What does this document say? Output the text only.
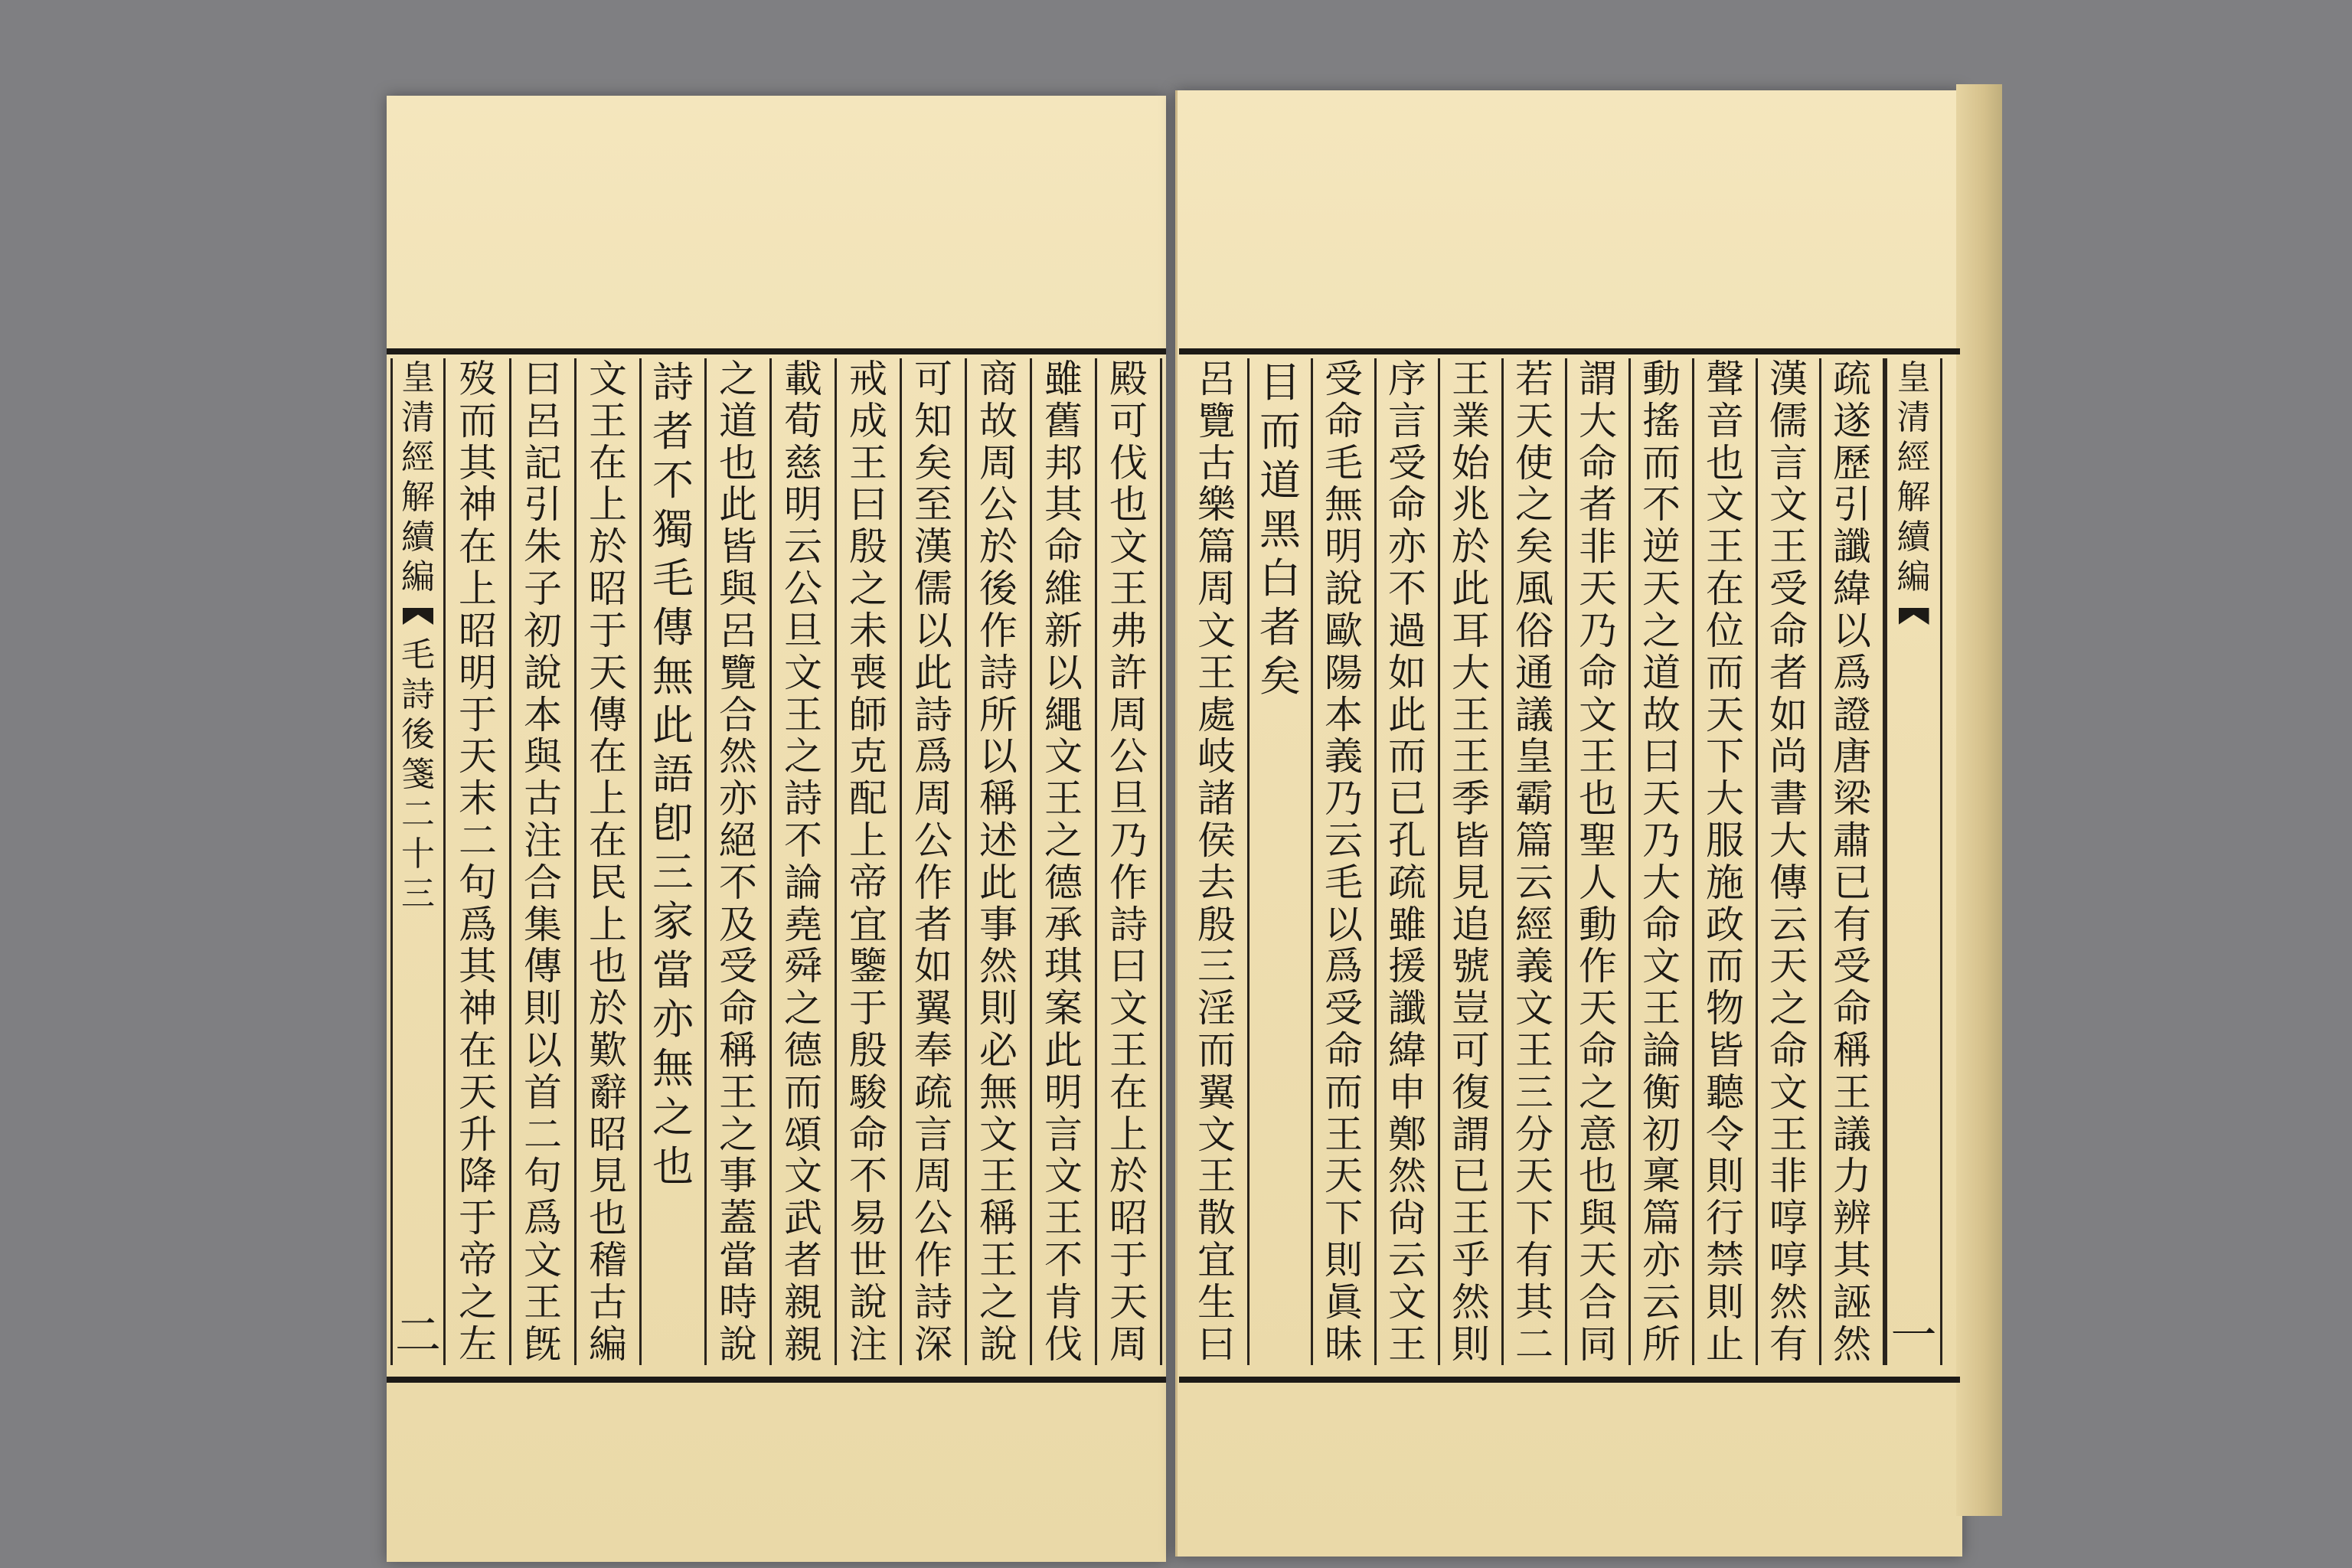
皇
清
經
解
續
編
毛
詩
後
箋
二
十
三
二
殿
可
伐
也
文
王
弗
許
周
公
旦
乃
作
詩
曰
文
王
在
上
於
昭
于
天
周
雖
舊
邦
其
命
維
新
以
繩
文
王
之
德
承
琪
案
此
明
言
文
王
不
肯
伐
商
故
周
公
於
後
作
詩
所
以
稱
述
此
事
然
則
必
無
文
王
稱
王
之
說
可
知
矣
至
漢
儒
以
此
詩
爲
周
公
作
者
如
翼
奉
疏
言
周
公
作
詩
深
戒
成
王
曰
殷
之
未
喪
師
克
配
上
帝
宜
鑒
于
殷
駿
命
不
易
世
說
注
載
荀
慈
明
云
公
旦
文
王
之
詩
不
論
堯
舜
之
德
而
頌
文
武
者
親
親
之
道
也
此
皆
與
呂
覽
合
然
亦
絕
不
及
受
命
稱
王
之
事
蓋
當
時
說
詩
者
不
獨
毛
傳
無
此
語
卽
三
家
當
亦
無
之
也
文
王
在
上
於
昭
于
天
傳
在
上
在
民
上
也
於
歎
辭
昭
見
也
稽
古
編
曰
呂
記
引
朱
子
初
說
本
與
古
注
合
集
傳
則
以
首
二
句
爲
文
王
旣
歿
而
其
神
在
上
昭
明
于
天
末
二
句
爲
其
神
在
天
升
降
于
帝
之
左
皇
清
經
解
續
編
一
疏
遂
歷
引
讖
緯
以
爲
證
唐
梁
肅
已
有
受
命
稱
王
議
力
辨
其
誣
然
漢
儒
言
文
王
受
命
者
如
尚
書
大
傳
云
天
之
命
文
王
非
啍
啍
然
有
聲
音
也
文
王
在
位
而
天
下
大
服
施
政
而
物
皆
聽
令
則
行
禁
則
止
動
搖
而
不
逆
天
之
道
故
曰
天
乃
大
命
文
王
論
衡
初
稟
篇
亦
云
所
謂
大
命
者
非
天
乃
命
文
王
也
聖
人
動
作
天
命
之
意
也
與
天
合
同
若
天
使
之
矣
風
俗
通
議
皇
霸
篇
云
經
義
文
王
三
分
天
下
有
其
二
王
業
始
兆
於
此
耳
大
王
王
季
皆
見
追
號
豈
可
復
謂
已
王
乎
然
則
序
言
受
命
亦
不
過
如
此
而
已
孔
疏
雖
援
讖
緯
申
鄭
然
尙
云
文
王
受
命
毛
無
明
說
歐
陽
本
義
乃
云
毛
以
爲
受
命
而
王
天
下
則
眞
昧
目
而
道
黑
白
者
矣
呂
覽
古
樂
篇
周
文
王
處
岐
諸
侯
去
殷
三
淫
而
翼
文
王
散
宜
生
曰
